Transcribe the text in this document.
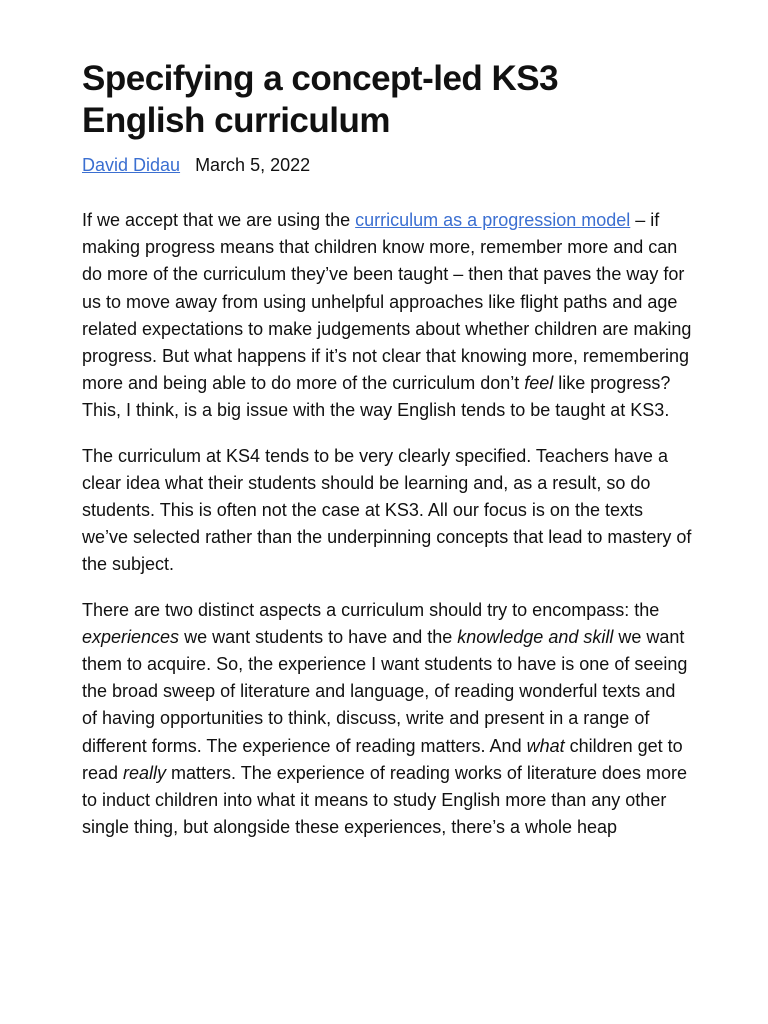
Specifying a concept-led KS3
English curriculum
David Didau March 5, 2022

If we accept that we are using the curriculum as a progression model – if making progress means that children know more, remember more and can do more of the curriculum they’ve been taught – then that paves the way for us to move away from using unhelpful approaches like flight paths and age related expectations to make judgements about whether children are making progress. But what happens if it’s not clear that knowing more, remembering more and being able to do more of the curriculum don’t feel like progress? This, I think, is a big issue with the way English tends to be taught at KS3.

The curriculum at KS4 tends to be very clearly specified. Teachers have a clear idea what their students should be learning and, as a result, so do students. This is often not the case at KS3. All our focus is on the texts we’ve selected rather than the underpinning concepts that lead to mastery of the subject.

There are two distinct aspects a curriculum should try to encompass: the experiences we want students to have and the knowledge and skill we want them to acquire. So, the experience I want students to have is one of seeing the broad sweep of literature and language, of reading wonderful texts and of having opportunities to think, discuss, write and present in a range of different forms. The experience of reading matters. And what children get to read really matters. The experience of reading works of literature does more to induct children into what it means to study English more than any other single thing, but alongside these experiences, there’s a whole heap
